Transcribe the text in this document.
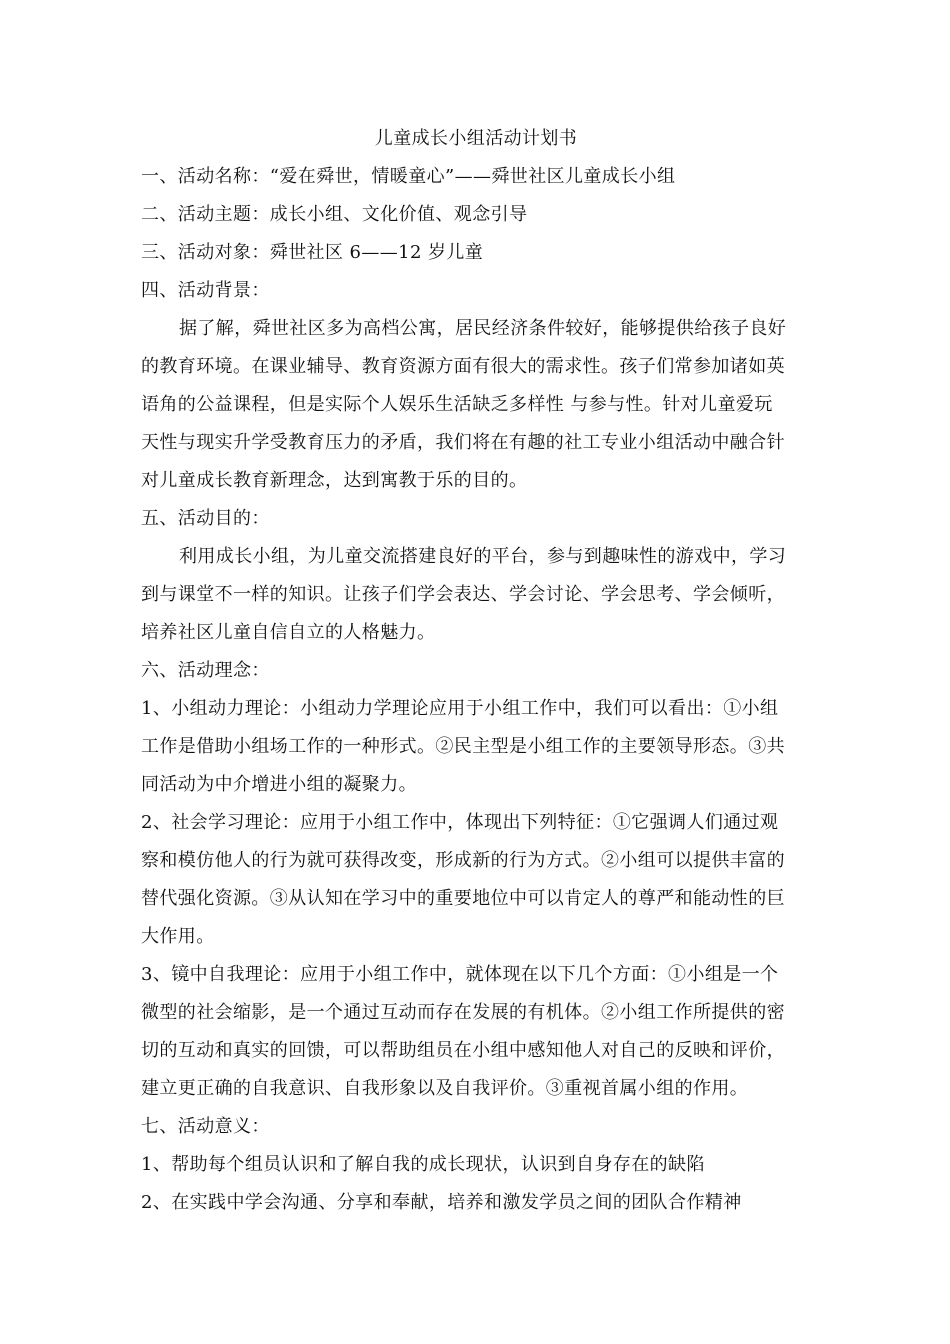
儿童成长小组活动计划书
一、活动名称：“爱在舜世，情暖童心”——舜世社区儿童成长小组
二、活动主题：成长小组、文化价值、观念引导
三、活动对象：舜世社区 6——12 岁儿童
四、活动背景：
据了解，舜世社区多为高档公寓，居民经济条件较好，能够提供给孩子良好
的教育环境。在课业辅导、教育资源方面有很大的需求性。孩子们常参加诸如英
语角的公益课程，但是实际个人娱乐生活缺乏多样性 与参与性。针对儿童爱玩
天性与现实升学受教育压力的矛盾，我们将在有趣的社工专业小组活动中融合针
对儿童成长教育新理念，达到寓教于乐的目的。
五、活动目的：
利用成长小组，为儿童交流搭建良好的平台，参与到趣味性的游戏中，学习
到与课堂不一样的知识。让孩子们学会表达、学会讨论、学会思考、学会倾听，
培养社区儿童自信自立的人格魅力。
六、活动理念：
1、小组动力理论：小组动力学理论应用于小组工作中，我们可以看出：①小组
工作是借助小组场工作的一种形式。②民主型是小组工作的主要领导形态。③共
同活动为中介增进小组的凝聚力。
2、社会学习理论：应用于小组工作中，体现出下列特征：①它强调人们通过观
察和模仿他人的行为就可获得改变，形成新的行为方式。②小组可以提供丰富的
替代强化资源。③从认知在学习中的重要地位中可以肯定人的尊严和能动性的巨
大作用。
3、镜中自我理论：应用于小组工作中，就体现在以下几个方面：①小组是一个
微型的社会缩影，是一个通过互动而存在发展的有机体。②小组工作所提供的密
切的互动和真实的回馈，可以帮助组员在小组中感知他人对自己的反映和评价，
建立更正确的自我意识、自我形象以及自我评价。③重视首属小组的作用。
七、活动意义：
1、帮助每个组员认识和了解自我的成长现状，认识到自身存在的缺陷
2、在实践中学会沟通、分享和奉献，培养和激发学员之间的团队合作精神
